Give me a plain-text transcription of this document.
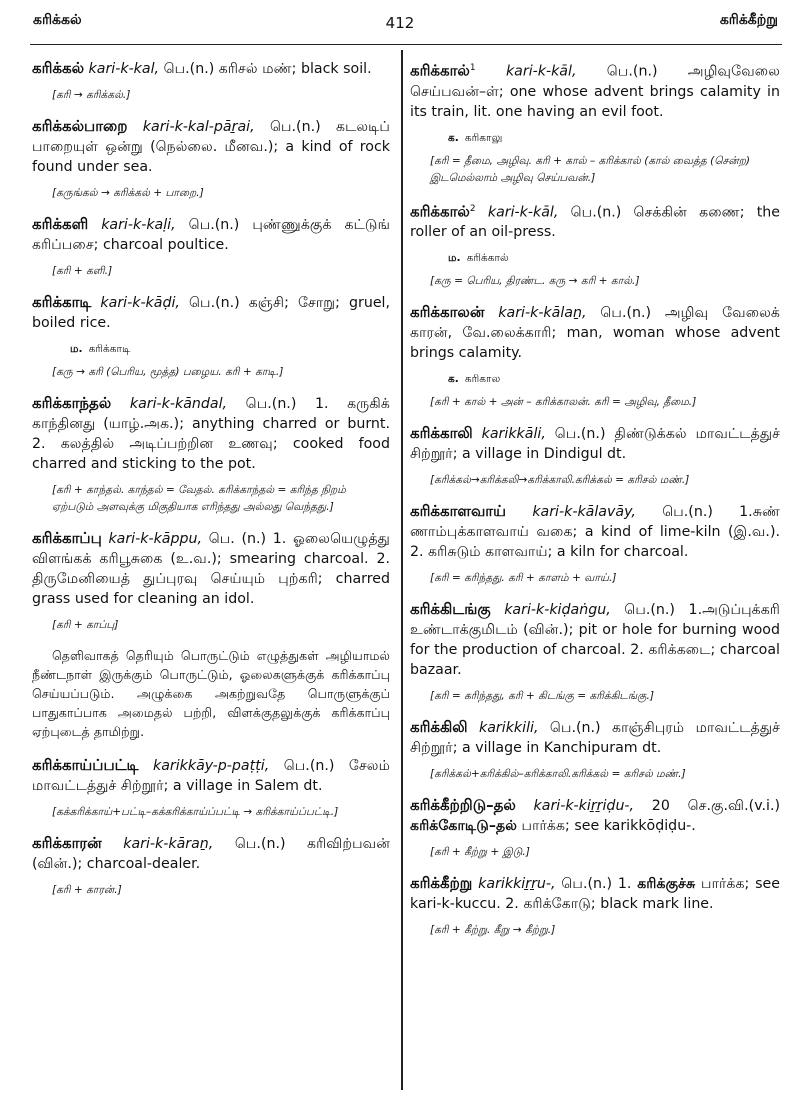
கரிக்கல்	412	கரிக்கீற்று
கரிக்கல் kari-k-kal, பெ.(n.) கரிசல் மண்; black soil.
[கரி → கரிக்கல்.]
கரிக்கல்பாறை kari-k-kal-pāṟai, பெ.(n.) கடலடிப் பாறையுள் ஒன்று (நெல்லை. மீனவ.); a kind of rock found under sea.
[கருங்கல் → கரிக்கல் + பாறை.]
கரிக்களி kari-k-kaḷi, பெ.(n.) புண்ணுக்குக் கட்டுங் கரிப்பசை; charcoal poultice.
[கரி + களி.]
கரிக்காடி kari-k-kāḍi, பெ.(n.) கஞ்சி; சோறு; gruel, boiled rice.
ம. கரிக்காடி
[கரு → கரி (பெரிய, மூத்த) பழைய. கரி + காடி.]
கரிக்காந்தல் kari-k-kāndal, பெ.(n.) 1. கருகிக் காந்தினது (யாழ்.அக.); anything charred or burnt. 2. கலத்தில் அடிப்பற்றின உணவு; cooked food charred and sticking to the pot.
[கரி + காந்தல். காந்தல் = வேதல். கரிக்காந்தல் = கரிந்த நிறம் ஏற்படும் அளவுக்கு மிகுதியாக எரிந்தது அல்லது வெந்தது.]
கரிக்காப்பு kari-k-kāppu, பெ. (n.) 1. ஓலையெழுத்து விளங்கக் கரிபூசுகை (உ.வ.); smearing charcoal. 2. திருமேனியைத் துப்புரவு செய்யும் புற்கரி; charred grass used for cleaning an idol.
[கரி + காப்பு]
தெளிவாகத் தெரியும் பொருட்டும் எழுத்துகள் அழியாமல் நீண்டநாள் இருக்கும் பொருட்டும், ஓலைகளுக்குக் கரிக்காப்பு செய்யப்படும். அழுக்கை அகற்றுவதே பொருளுக்குப் பாதுகாப்பாக அமைதல் பற்றி, விளக்குதலுக்குக் கரிக்காப்பு ஏற்புடைத் தாமிற்று.
கரிக்காய்ப்பட்டி karikkāy-p-paṭṭi, பெ.(n.) சேலம் மாவட்டத்துச் சிற்றூர்; a village in Salem dt.
[கக்கரிக்காய்+பட்டி–கக்கரிக்காய்ப்பட்டி → கரிக்காய்ப்பட்டி.]
கரிக்காரன் kari-k-kāraṉ, பெ.(n.) கரிவிற்பவன் (வின்.); charcoal-dealer.
[கரி + காரன்.]
கரிக்கால்$^1$ kari-k-kāl, பெ.(n.) அழிவுவேலை செய்பவன்–ள்; one whose advent brings calamity in its train, lit. one having an evil foot.
க. கரிகாலு
[கரி = தீமை, அழிவு. கரி + கால் – கரிக்கால் (கால் வைத்த (சென்ற) இடமெல்லாம் அழிவு செய்பவன்.]
கரிக்கால்$^2$ kari-k-kāl, பெ.(n.) செக்கின் கணை; the roller of an oil-press.
ம. கரிக்கால்
[கரு = பெரிய, திரண்ட. கரு → கரி + கால்.]
கரிக்காலன் kari-k-kālaṉ, பெ.(n.) அழிவு வேலைக் காரன், வே.லைக்காரி; man, woman whose advent brings calamity.
க. கரிகால
[கரி + கால் + அன் – கரிக்காலன். கரி = அழிவு, தீமை.]
கரிக்காலி karikkāli, பெ.(n.) திண்டுக்கல் மாவட்டத்துச் சிற்றூர்; a village in Dindigul dt.
[கரிக்கல்→கரிக்கலி→கரிக்காலி.கரிக்கல் = கரிசல் மண்.]
கரிக்காளவாய் kari-k-kālavāy, பெ.(n.) 1.சுண் ணாம்புக்காளவாய் வகை; a kind of lime-kiln (இ.வ.). 2. கரிசுடும் காளவாய்; a kiln for charcoal.
[கரி = கரிந்தது. கரி + காளம் + வாய்.]
கரிக்கிடங்கு kari-k-kiḍaṅgu, பெ.(n.) 1.அடுப்புக்கரி உண்டாக்குமிடம் (வின்.); pit or hole for burning wood for the production of charcoal. 2. கரிக்கடை; charcoal bazaar.
[கரி = கரிந்தது, கரி + கிடங்கு = கரிக்கிடங்கு.]
கரிக்கிலி karikkili, பெ.(n.) காஞ்சிபுரம் மாவட்டத்துச் சிற்றூர்; a village in Kanchipuram dt.
[கரிக்கல்+கரிக்கில்–கரிக்காலி.கரிக்கல் = கரிசல் மண்.]
கரிக்கீற்றிடு–தல் kari-k-kiṟṟiḍu-, 20 செ.கு.வி.(v.i.) கரிக்கோடிடு–தல் பார்க்க; see karikkōḍiḍu-.
[கரி + கீற்று + இடு.]
கரிக்கீற்று karikkiṟṟu-, பெ.(n.) 1. கரிக்குச்சு பார்க்க; see kari-k-kuccu. 2. கரிக்கோடு; black mark line.
[கரி + கீற்று. கீறு → கீற்று.]
